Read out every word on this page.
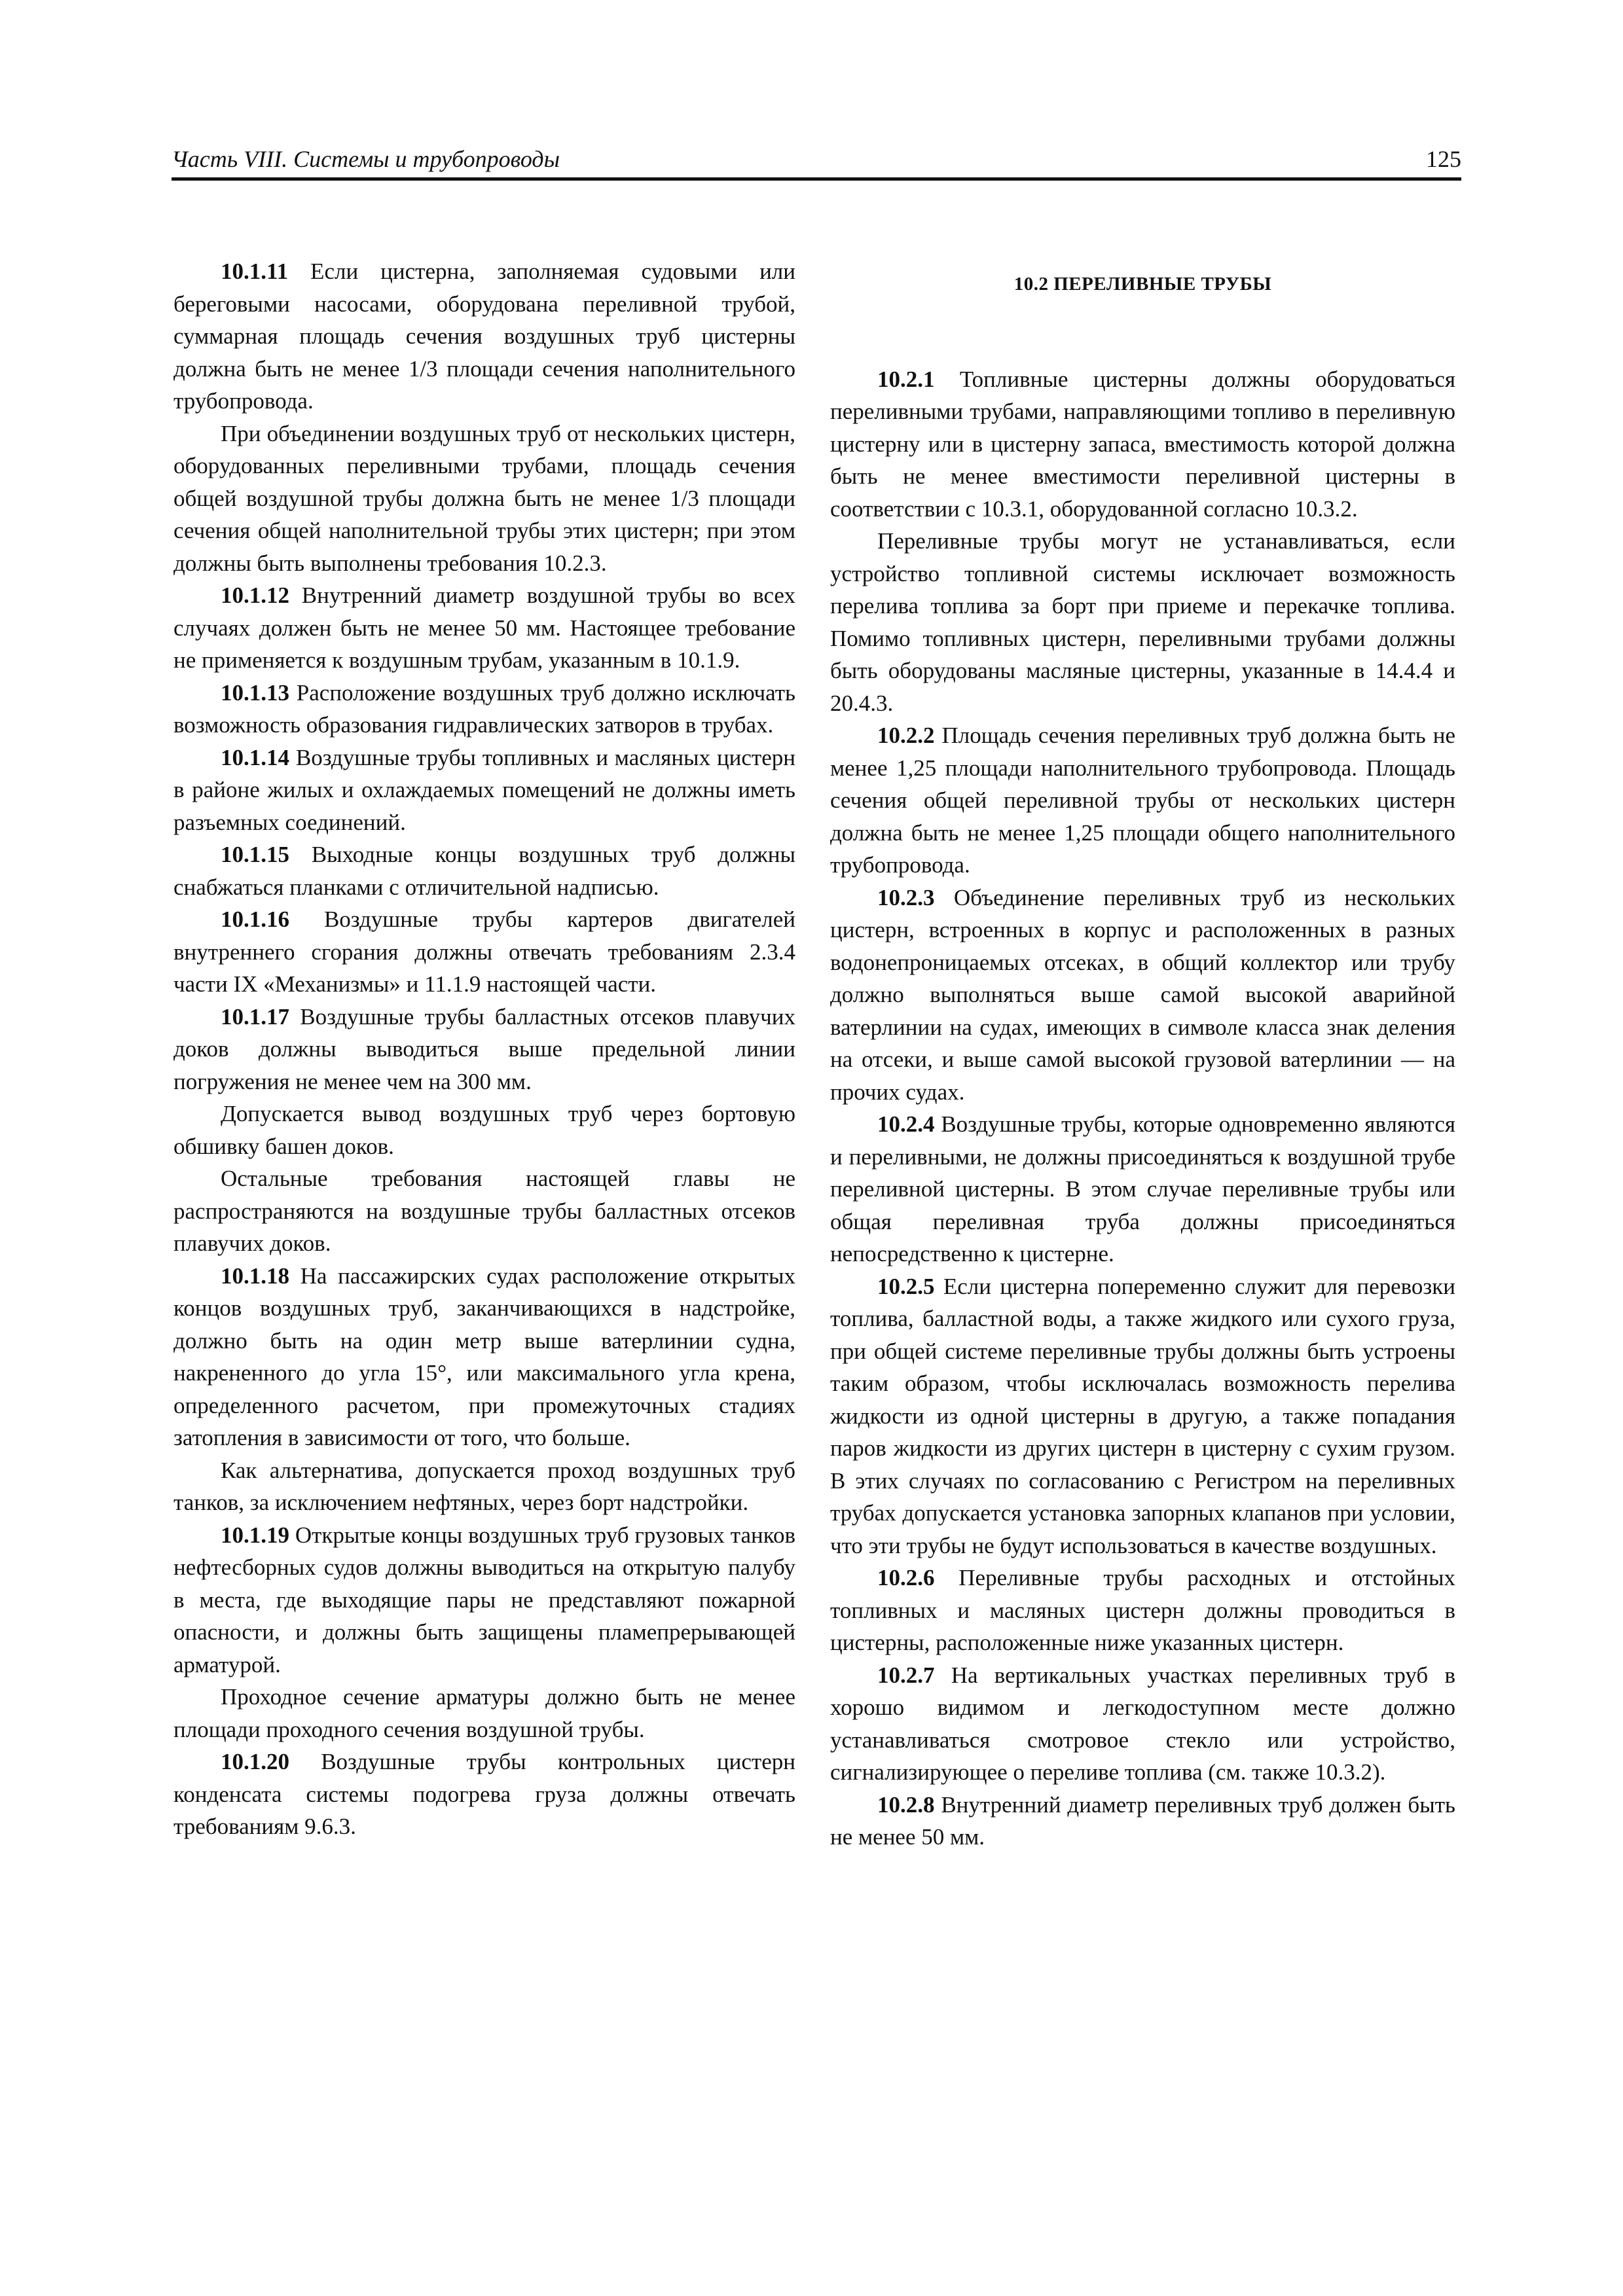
Часть VIII. Системы и трубопроводы	125

10.1.11 Если цистерна, заполняемая судовыми или береговыми насосами, оборудована переливной трубой, суммарная площадь сечения воздушных труб цистерны должна быть не менее 1/3 площади сечения наполнительного трубопровода.

При объединении воздушных труб от нескольких цистерн, оборудованных переливными трубами, площадь сечения общей воздушной трубы должна быть не менее 1/3 площади сечения общей наполнительной трубы этих цистерн; при этом должны быть выполнены требования 10.2.3.

10.1.12 Внутренний диаметр воздушной трубы во всех случаях должен быть не менее 50 мм. Настоящее требование не применяется к воздушным трубам, указанным в 10.1.9.

10.1.13 Расположение воздушных труб должно исключать возможность образования гидравлических затворов в трубах.

10.1.14 Воздушные трубы топливных и масляных цистерн в районе жилых и охлаждаемых помещений не должны иметь разъемных соединений.

10.1.15 Выходные концы воздушных труб должны снабжаться планками с отличительной надписью.

10.1.16 Воздушные трубы картеров двигателей внутреннего сгорания должны отвечать требованиям 2.3.4 части IX «Механизмы» и 11.1.9 настоящей части.

10.1.17 Воздушные трубы балластных отсеков плавучих доков должны выводиться выше предельной линии погружения не менее чем на 300 мм.

Допускается вывод воздушных труб через бортовую обшивку башен доков.

Остальные требования настоящей главы не распространяются на воздушные трубы балластных отсеков плавучих доков.

10.1.18 На пассажирских судах расположение открытых концов воздушных труб, заканчивающихся в надстройке, должно быть на один метр выше ватерлинии судна, накрененного до угла 15°, или максимального угла крена, определенного расчетом, при промежуточных стадиях затопления в зависимости от того, что больше.

Как альтернатива, допускается проход воздушных труб танков, за исключением нефтяных, через борт надстройки.

10.1.19 Открытые концы воздушных труб грузовых танков нефтесборных судов должны выводиться на открытую палубу в места, где выходящие пары не представляют пожарной опасности, и должны быть защищены пламепрерывающей арматурой.

Проходное сечение арматуры должно быть не менее площади проходного сечения воздушной трубы.

10.1.20 Воздушные трубы контрольных цистерн конденсата системы подогрева груза должны отвечать требованиям 9.6.3.

10.2 ПЕРЕЛИВНЫЕ ТРУБЫ

10.2.1 Топливные цистерны должны оборудоваться переливными трубами, направляющими топливо в переливную цистерну или в цистерну запаса, вместимость которой должна быть не менее вместимости переливной цистерны в соответствии с 10.3.1, оборудованной согласно 10.3.2.

Переливные трубы могут не устанавливаться, если устройство топливной системы исключает возможность перелива топлива за борт при приеме и перекачке топлива. Помимо топливных цистерн, переливными трубами должны быть оборудованы масляные цистерны, указанные в 14.4.4 и 20.4.3.

10.2.2 Площадь сечения переливных труб должна быть не менее 1,25 площади наполнительного трубопровода. Площадь сечения общей переливной трубы от нескольких цистерн должна быть не менее 1,25 площади общего наполнительного трубопровода.

10.2.3 Объединение переливных труб из нескольких цистерн, встроенных в корпус и расположенных в разных водонепроницаемых отсеках, в общий коллектор или трубу должно выполняться выше самой высокой аварийной ватерлинии на судах, имеющих в символе класса знак деления на отсеки, и выше самой высокой грузовой ватерлинии — на прочих судах.

10.2.4 Воздушные трубы, которые одновременно являются и переливными, не должны присоединяться к воздушной трубе переливной цистерны. В этом случае переливные трубы или общая переливная труба должны присоединяться непосредственно к цистерне.

10.2.5 Если цистерна попеременно служит для перевозки топлива, балластной воды, а также жидкого или сухого груза, при общей системе переливные трубы должны быть устроены таким образом, чтобы исключалась возможность перелива жидкости из одной цистерны в другую, а также попадания паров жидкости из других цистерн в цистерну с сухим грузом. В этих случаях по согласованию с Регистром на переливных трубах допускается установка запорных клапанов при условии, что эти трубы не будут использоваться в качестве воздушных.

10.2.6 Переливные трубы расходных и отстойных топливных и масляных цистерн должны проводиться в цистерны, расположенные ниже указанных цистерн.

10.2.7 На вертикальных участках переливных труб в хорошо видимом и легкодоступном месте должно устанавливаться смотровое стекло или устройство, сигнализирующее о переливе топлива (см. также 10.3.2).

10.2.8 Внутренний диаметр переливных труб должен быть не менее 50 мм.
